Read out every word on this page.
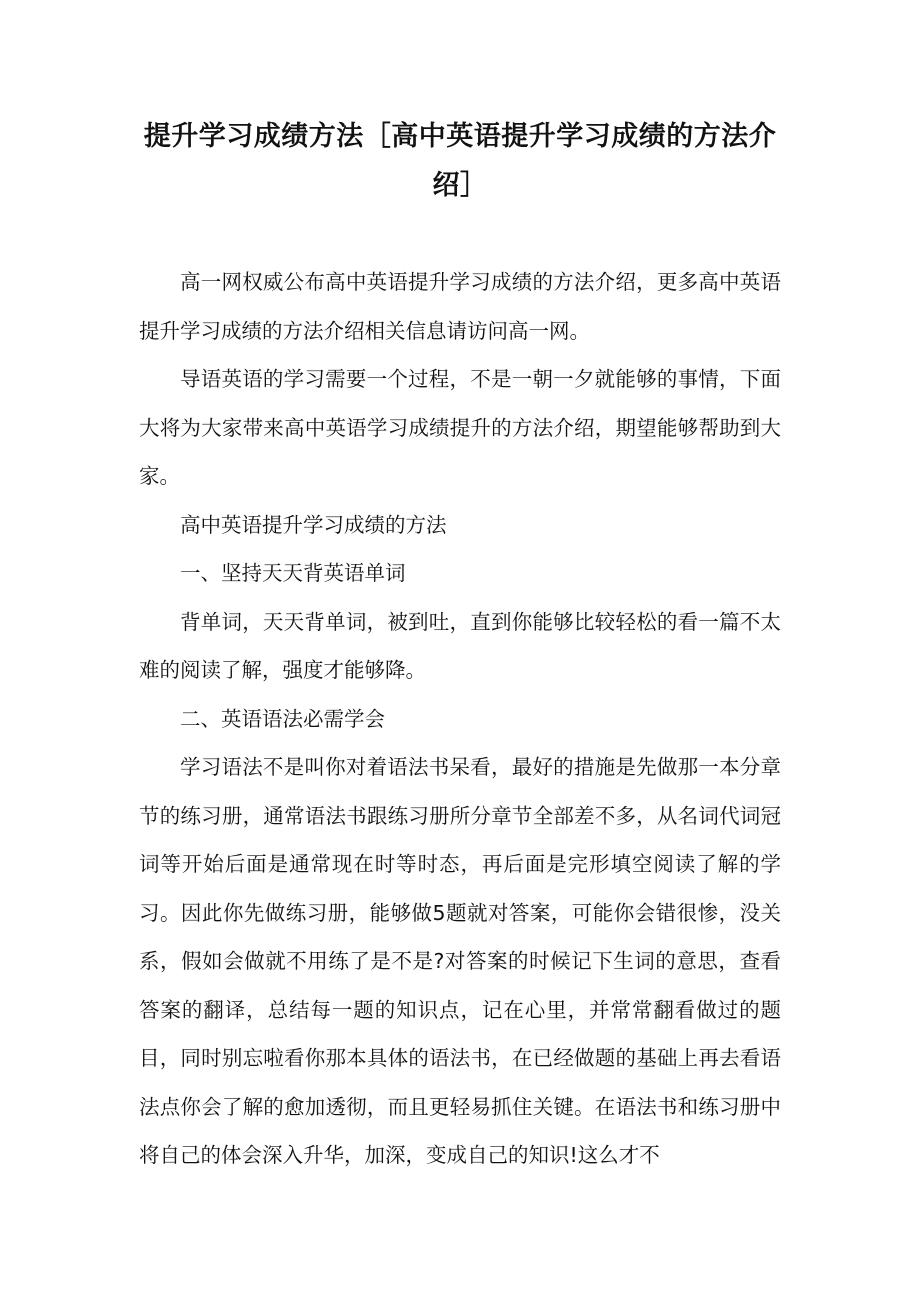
提升学习成绩方法［高中英语提升学习成绩的方法介绍］

高一网权威公布高中英语提升学习成绩的方法介绍，更多高中英语提升学习成绩的方法介绍相关信息请访问高一网。

导语英语的学习需要一个过程，不是一朝一夕就能够的事情，下面大将为大家带来高中英语学习成绩提升的方法介绍，期望能够帮助到大家。

高中英语提升学习成绩的方法

一、坚持天天背英语单词

背单词，天天背单词，被到吐，直到你能够比较轻松的看一篇不太难的阅读了解，强度才能够降。

二、英语语法必需学会

学习语法不是叫你对着语法书呆看，最好的措施是先做那一本分章节的练习册，通常语法书跟练习册所分章节全部差不多，从名词代词冠词等开始后面是通常现在时等时态，再后面是完形填空阅读了解的学习。因此你先做练习册，能够做5题就对答案，可能你会错很惨，没关系，假如会做就不用练了是不是?对答案的时候记下生词的意思，查看答案的翻译，总结每一题的知识点，记在心里，并常常翻看做过的题目，同时别忘啦看你那本具体的语法书，在已经做题的基础上再去看语法点你会了解的愈加透彻，而且更轻易抓住关键。在语法书和练习册中将自己的体会深入升华，加深，变成自己的知识!这么才不
